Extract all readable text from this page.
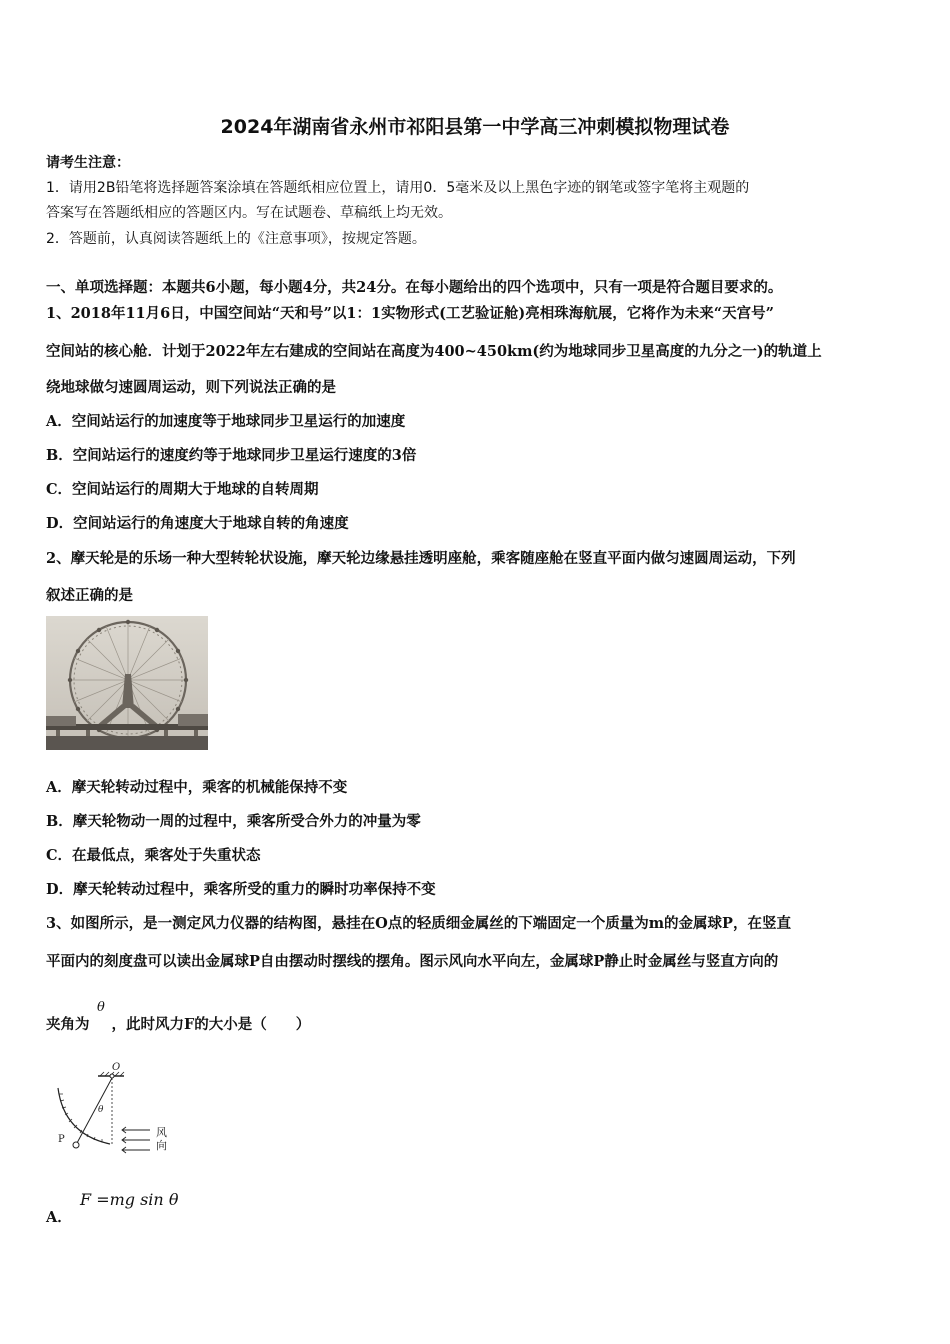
2024年湖南省永州市祁阳县第一中学高三冲刺模拟物理试卷
请考生注意：
1．请用2B铅笔将选择题答案涂填在答题纸相应位置上，请用0．5毫米及以上黑色字迹的钢笔或签字笔将主观题的
答案写在答题纸相应的答题区内。写在试题卷、草稿纸上均无效。
2．答题前，认真阅读答题纸上的《注意事项》，按规定答题。
一、单项选择题：本题共6小题，每小题4分，共24分。在每小题给出的四个选项中，只有一项是符合题目要求的。
1、2018年11月6日，中国空间站“天和号”以1：1实物形式(工艺验证舱)亮相珠海航展，它将作为未来“天宫号”
空间站的核心舱．计划于2022年左右建成的空间站在高度为400~450km(约为地球同步卫星高度的九分之一)的轨道上
绕地球做匀速圆周运动，则下列说法正确的是
A．空间站运行的加速度等于地球同步卫星运行的加速度
B．空间站运行的速度约等于地球同步卫星运行速度的3倍
C．空间站运行的周期大于地球的自转周期
D．空间站运行的角速度大于地球自转的角速度
2、摩天轮是的乐场一种大型转轮状设施，摩天轮边缘悬挂透明座舱，乘客随座舱在竖直平面内做匀速圆周运动，下列
叙述正确的是
A．摩天轮转动过程中，乘客的机械能保持不变
B．摩天轮物动一周的过程中，乘客所受合外力的冲量为零
C．在最低点，乘客处于失重状态
D．摩天轮转动过程中，乘客所受的重力的瞬时功率保持不变
3、如图所示，是一测定风力仪器的结构图，悬挂在O点的轻质细金属丝的下端固定一个质量为m的金属球P，在竖直
平面内的刻度盘可以读出金属球P自由摆动时摆线的摆角。图示风向水平向左，金属球P静止时金属丝与竖直方向的
夹角为 ，此时风力F的大小是（　　）
θ
O
P
θ
风
向
F =mg sin θ
A．
